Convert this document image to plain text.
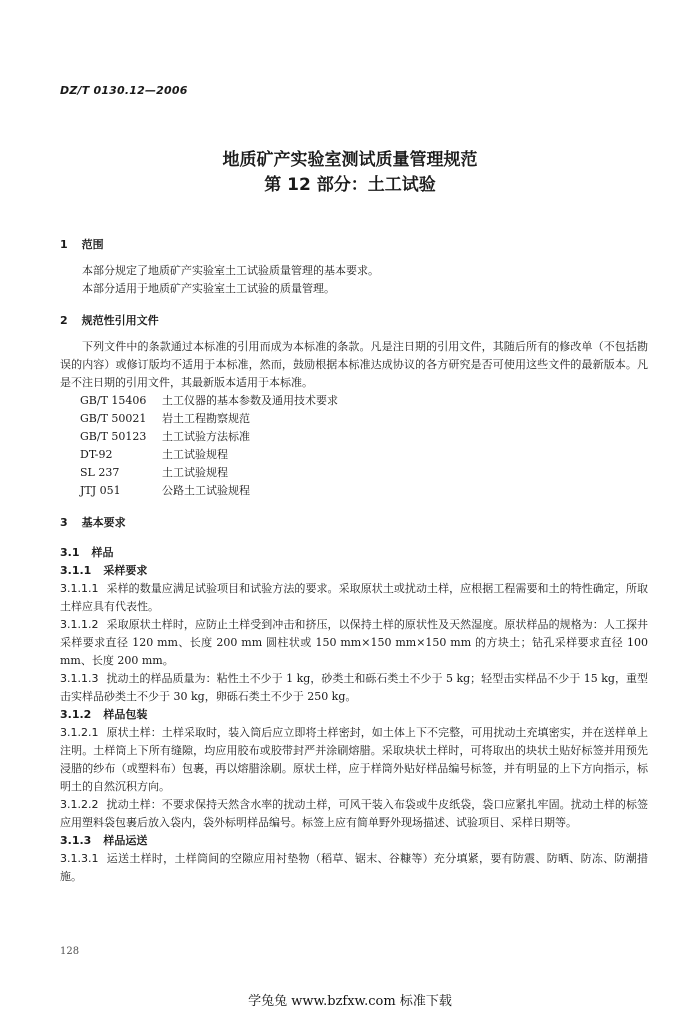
DZ/T 0130.12—2006

地质矿产实验室测试质量管理规范

第 12 部分：土工试验

1 范围

本部分规定了地质矿产实验室土工试验质量管理的基本要求。

本部分适用于地质矿产实验室土工试验的质量管理。

2 规范性引用文件

下列文件中的条款通过本标准的引用而成为本标准的条款。凡是注日期的引用文件，其随后所有的修改单（不包括勘误的内容）或修订版均不适用于本标准，然而，鼓励根据本标准达成协议的各方研究是否可使用这些文件的最新版本。凡是不注日期的引用文件，其最新版本适用于本标准。

GB/T 15406	土工仪器的基本参数及通用技术要求
GB/T 50021	岩土工程勘察规范
GB/T 50123	土工试验方法标准
DT-92	土工试验规程
SL 237	土工试验规程
JTJ 051	公路土工试验规程
3 基本要求
3.1 样品
3.1.1 采样要求

3.1.1.1 采样的数量应满足试验项目和试验方法的要求。采取原状土或扰动土样，应根据工程需要和土的特性确定，所取土样应具有代表性。

3.1.1.2 采取原状土样时，应防止土样受到冲击和挤压，以保持土样的原状性及天然湿度。原状样品的规格为：人工探井采样要求直径 120 mm、长度 200 mm 圆柱状或 150 mm×150 mm×150 mm 的方块土；钻孔采样要求直径 100 mm、长度 200 mm。

3.1.1.3 扰动土的样品质量为：粘性土不少于 1 kg，砂类土和砾石类土不少于 5 kg；轻型击实样品不少于 15 kg，重型击实样品砂类土不少于 30 kg，卵砾石类土不少于 250 kg。

3.1.2 样品包装

3.1.2.1 原状土样：土样采取时，装入筒后应立即将土样密封，如土体上下不完整，可用扰动土充填密实，并在送样单上注明。土样筒上下所有缝隙，均应用胶布或胶带封严并涂刷熔腊。采取块状土样时，可将取出的块状土贴好标签并用预先浸腊的纱布（或塑料布）包裹，再以熔腊涂刷。原状土样，应于样筒外贴好样品编号标签，并有明显的上下方向指示，标明土的自然沉积方向。

3.1.2.2 扰动土样：不要求保持天然含水率的扰动土样，可风干装入布袋或牛皮纸袋，袋口应紧扎牢固。扰动土样的标签应用塑料袋包裹后放入袋内，袋外标明样品编号。标签上应有简单野外现场描述、试验项目、采样日期等。

3.1.3 样品运送

3.1.3.1 运送土样时，土样筒间的空隙应用衬垫物（稻草、锯末、谷糠等）充分填紧，要有防震、防晒、防冻、防潮措施。

128
学兔兔 www.bzfxw.com 标准下载
